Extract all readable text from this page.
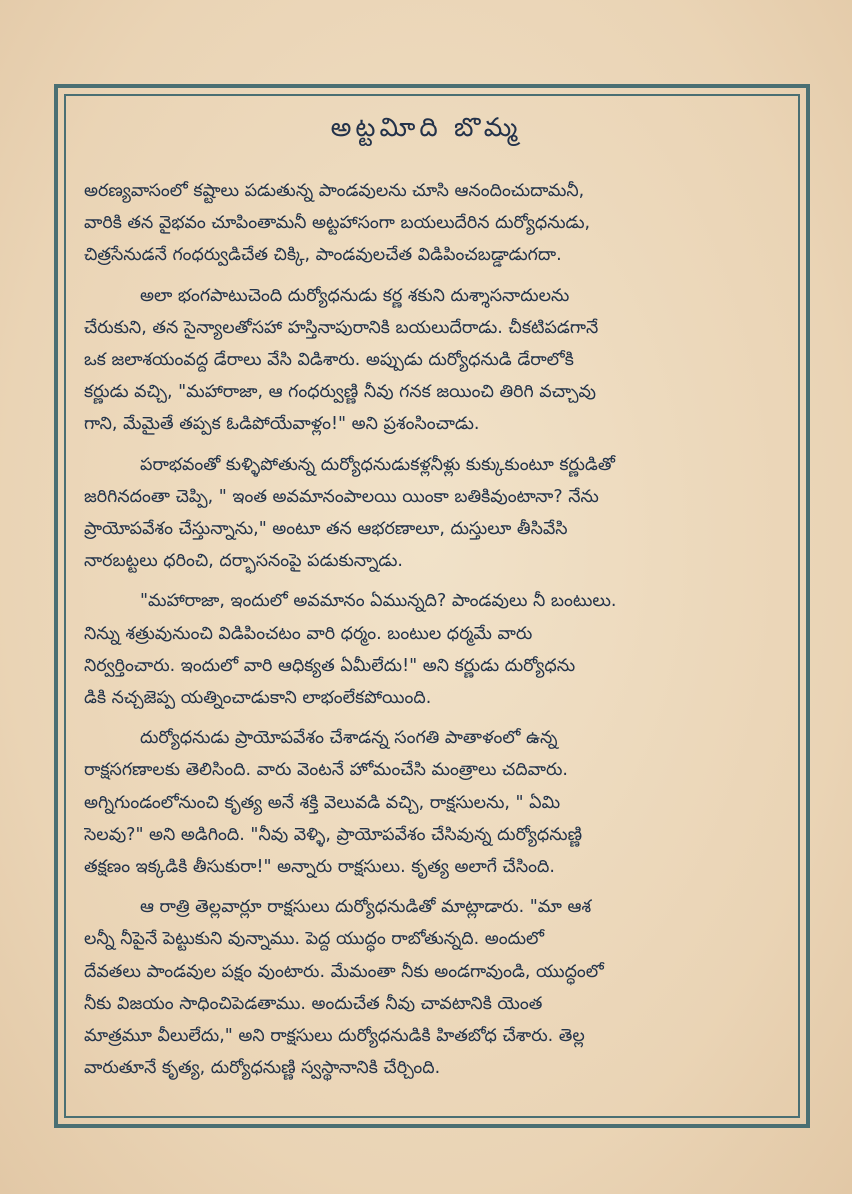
అట్టవిూది బొమ్మ

అరణ్యవాసంలో కష్టాలు పడుతున్న పాండవులను చూసి ఆనందించుదామనీ,
వారికి తన వైభవం చూపింతామనీ అట్టహాసంగా బయలుదేరిన దుర్యోధనుడు,
చిత్రసేనుడనే గంధర్వుడిచేత చిక్కి, పాండవులచేత విడిపించబడ్డాడుగదా.

అలా భంగపాటుచెంది దుర్యోధనుడు కర్ణ శకుని దుశ్శాసనాదులను
చేరుకుని, తన సైన్యాలతోసహా హస్తినాపురానికి బయలుదేరాడు. చీకటిపడగానే
ఒక జలాశయంవద్ద డేరాలు వేసి విడిశారు. అప్పుడు దుర్యోధనుడి డేరాలోకి
కర్ణుడు వచ్చి, "మహారాజా, ఆ గంధర్వుణ్ణి నీవు గనక జయించి తిరిగి వచ్చావు
గాని, మేమైతే తప్పక ఓడిపోయేవాళ్లం!" అని ప్రశంసించాడు.

పరాభవంతో కుళ్ళిపోతున్న దుర్యోధనుడుకళ్లనీళ్లు కుక్కుకుంటూ కర్ణుడితో
జరిగినదంతా చెప్పి, " ఇంత అవమానంపాలయి యింకా బతికివుంటానా? నేను
ప్రాయోపవేశం చేస్తున్నాను," అంటూ తన ఆభరణాలూ, దుస్తులూ తీసివేసి
నారబట్టలు ధరించి, దర్భాసనంపై పడుకున్నాడు.

"మహారాజా, ఇందులో అవమానం ఏమున్నది? పాండవులు నీ బంటులు.
నిన్ను శత్రువునుంచి విడిపించటం వారి ధర్మం. బంటుల ధర్మమే వారు
నిర్వర్తించారు. ఇందులో వారి ఆధిక్యత ఏమీలేదు!" అని కర్ణుడు దుర్యోధను
డికి నచ్చజెప్ప యత్నించాడుకాని లాభంలేకపోయింది.

దుర్యోధనుడు ప్రాయోపవేశం చేశాడన్న సంగతి పాతాళంలో ఉన్న
రాక్షసగణాలకు తెలిసింది. వారు వెంటనే హోమంచేసి మంత్రాలు చదివారు.
అగ్నిగుండంలోనుంచి కృత్య అనే శక్తి వెలువడి వచ్చి, రాక్షసులను, " ఏమి
సెలవు?" అని అడిగింది. "నీవు వెళ్ళి, ప్రాయోపవేశం చేసివున్న దుర్యోధనుణ్ణి
తక్షణం ఇక్కడికి తీసుకురా!" అన్నారు రాక్షసులు. కృత్య అలాగే చేసింది.

ఆ రాత్రి తెల్లవార్లూ రాక్షసులు దుర్యోధనుడితో మాట్లాడారు. "మా ఆశ
లన్నీ నీపైనే పెట్టుకుని వున్నాము. పెద్ద యుద్ధం రాబోతున్నది. అందులో
దేవతలు పాండవుల పక్షం వుంటారు. మేమంతా నీకు అండగావుండి, యుద్ధంలో
నీకు విజయం సాధించిపెడతాము. అందుచేత నీవు చావటానికి యెంత
మాత్రమూ వీలులేదు," అని రాక్షసులు దుర్యోధనుడికి హితబోధ చేశారు. తెల్ల
వారుతూనే కృత్య, దుర్యోధనుణ్ణి స్వస్థానానికి చేర్చింది.
